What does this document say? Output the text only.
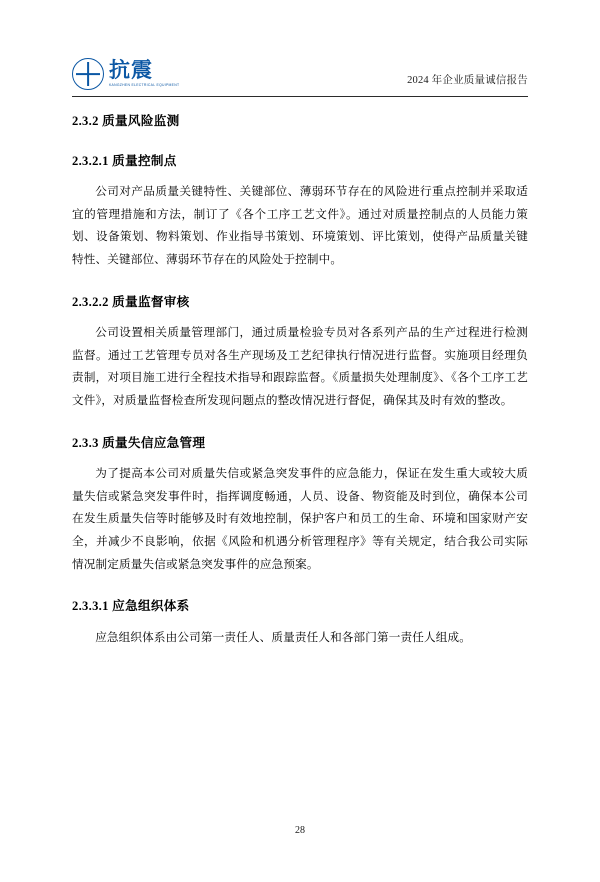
抗震
KANGZHEN ELECTRICAL EQUIPMENT	2024 年企业质量诚信报告
2.3.2 质量风险监测
2.3.2.1 质量控制点

公司对产品质量关键特性、关键部位、薄弱环节存在的风险进行重点控制并采取适宜的管理措施和方法，制订了《各个工序工艺文件》。通过对质量控制点的人员能力策划、设备策划、物料策划、作业指导书策划、环境策划、评比策划，使得产品质量关键特性、关键部位、薄弱环节存在的风险处于控制中。

2.3.2.2 质量监督审核

公司设置相关质量管理部门，通过质量检验专员对各系列产品的生产过程进行检测监督。通过工艺管理专员对各生产现场及工艺纪律执行情况进行监督。实施项目经理负责制，对项目施工进行全程技术指导和跟踪监督。《质量损失处理制度》、《各个工序工艺文件》，对质量监督检查所发现问题点的整改情况进行督促，确保其及时有效的整改。

2.3.3 质量失信应急管理

为了提高本公司对质量失信或紧急突发事件的应急能力，保证在发生重大或较大质量失信或紧急突发事件时，指挥调度畅通，人员、设备、物资能及时到位，确保本公司在发生质量失信等时能够及时有效地控制，保护客户和员工的生命、环境和国家财产安全，并减少不良影响，依据《风险和机遇分析管理程序》等有关规定，结合我公司实际情况制定质量失信或紧急突发事件的应急预案。

2.3.3.1 应急组织体系

应急组织体系由公司第一责任人、质量责任人和各部门第一责任人组成。

28
